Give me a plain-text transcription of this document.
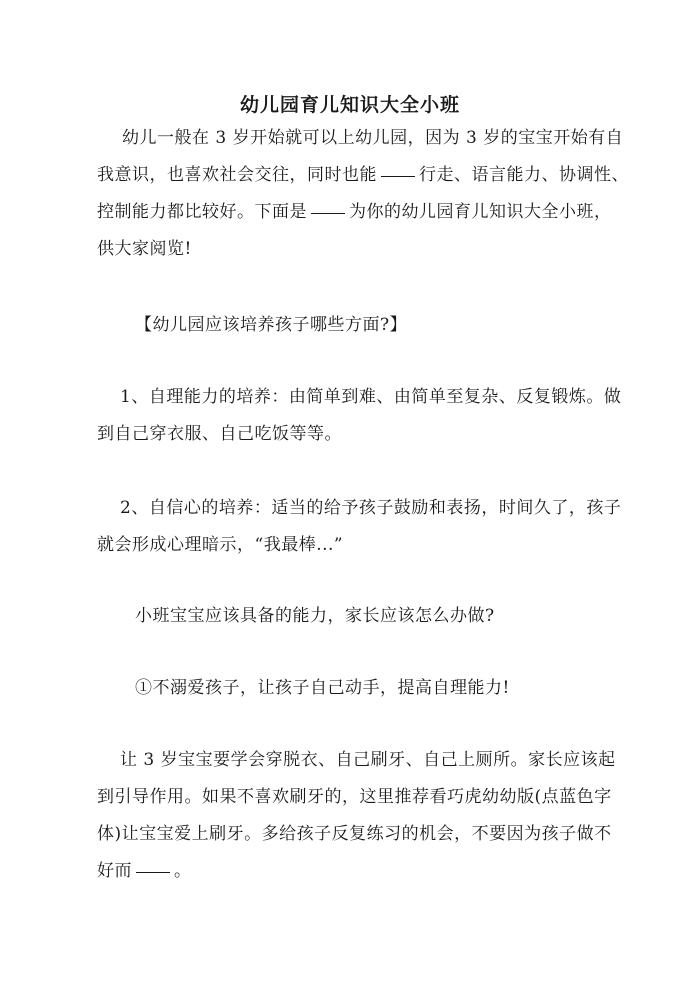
幼儿园育儿知识大全小班

幼儿一般在 3 岁开始就可以上幼儿园，因为 3 岁的宝宝开始有自
我意识，也喜欢社会交往，同时也能 行走、语言能力、协调性、
控制能力都比较好。下面是 为你的幼儿园育儿知识大全小班，
供大家阅览!

【幼儿园应该培养孩子哪些方面?】

1、自理能力的培养：由简单到难、由简单至复杂、反复锻炼。做
到自己穿衣服、自己吃饭等等。

2、自信心的培养：适当的给予孩子鼓励和表扬，时间久了，孩子
就会形成心理暗示，“我最棒...”

小班宝宝应该具备的能力，家长应该怎么办做?

①不溺爱孩子，让孩子自己动手，提高自理能力!

让 3 岁宝宝要学会穿脱衣、自己刷牙、自己上厕所。家长应该起
到引导作用。如果不喜欢刷牙的，这里推荐看巧虎幼幼版(点蓝色字
体)让宝宝爱上刷牙。多给孩子反复练习的机会，不要因为孩子做不
好而 。
